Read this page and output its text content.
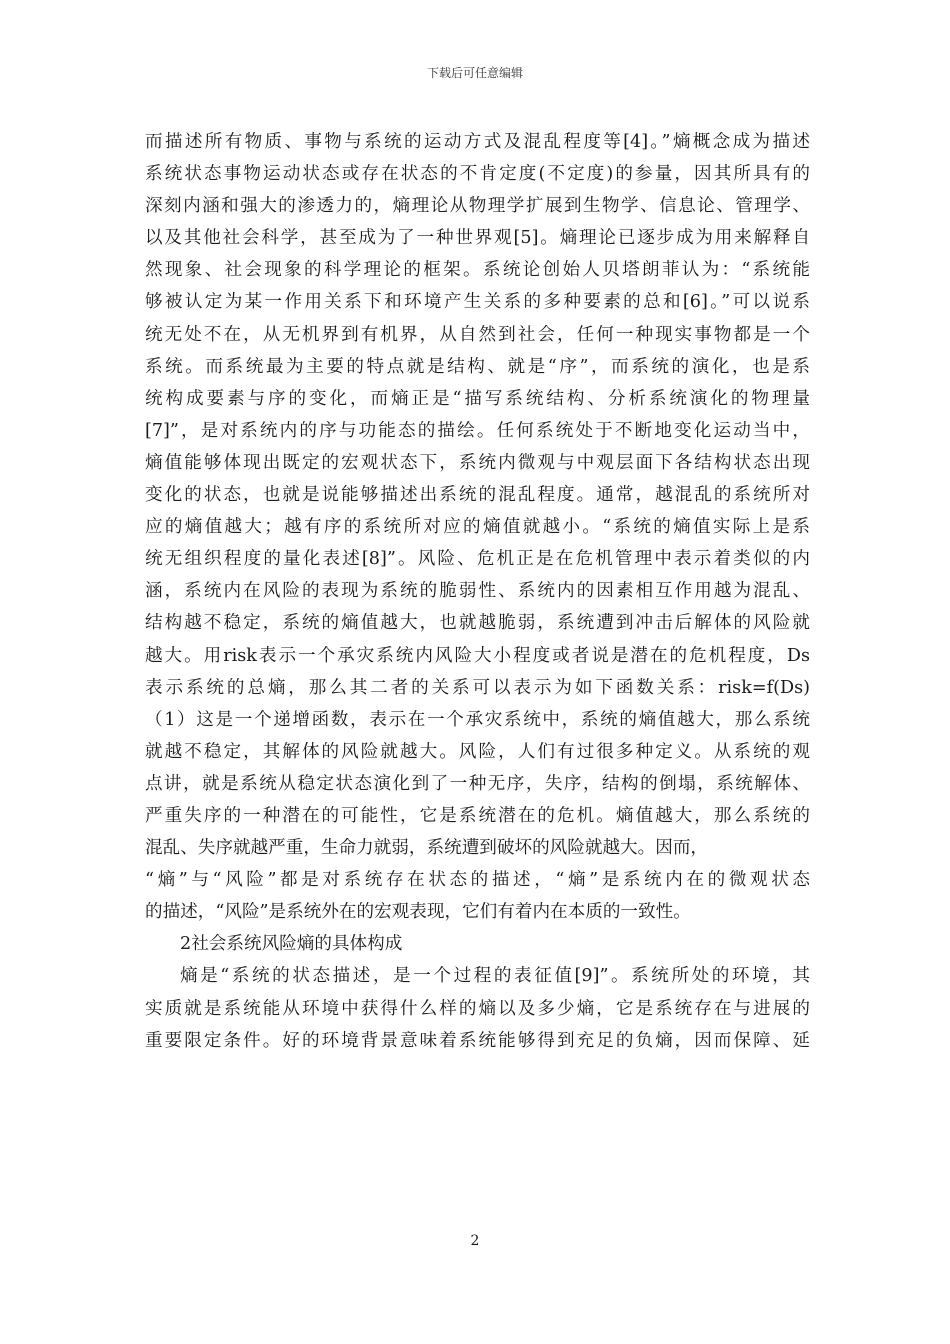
下载后可任意编辑
而描述所有物质、事物与系统的运动方式及混乱程度等[4]。”熵概念成为描述
系统状态事物运动状态或存在状态的不肯定度(不定度)的参量，因其所具有的
深刻内涵和强大的渗透力的，熵理论从物理学扩展到生物学、信息论、管理学、
以及其他社会科学，甚至成为了一种世界观[5]。熵理论已逐步成为用来解释自
然现象、社会现象的科学理论的框架。系统论创始人贝塔朗菲认为：“系统能
够被认定为某一作用关系下和环境产生关系的多种要素的总和[6]。”可以说系
统无处不在，从无机界到有机界，从自然到社会，任何一种现实事物都是一个
系统。而系统最为主要的特点就是结构、就是“序”，而系统的演化，也是系
统构成要素与序的变化，而熵正是“描写系统结构、分析系统演化的物理量
[7]”，是对系统内的序与功能态的描绘。任何系统处于不断地变化运动当中，
熵值能够体现出既定的宏观状态下，系统内微观与中观层面下各结构状态出现
变化的状态，也就是说能够描述出系统的混乱程度。通常，越混乱的系统所对
应的熵值越大；越有序的系统所对应的熵值就越小。“系统的熵值实际上是系
统无组织程度的量化表述[8]”。风险、危机正是在危机管理中表示着类似的内
涵，系统内在风险的表现为系统的脆弱性、系统内的因素相互作用越为混乱、
结构越不稳定，系统的熵值越大，也就越脆弱，系统遭到冲击后解体的风险就
越大。用risk表示一个承灾系统内风险大小程度或者说是潜在的危机程度，Ds
表示系统的总熵，那么其二者的关系可以表示为如下函数关系：risk=f(Ds)
（1）这是一个递增函数，表示在一个承灾系统中，系统的熵值越大，那么系统
就越不稳定，其解体的风险就越大。风险，人们有过很多种定义。从系统的观
点讲，就是系统从稳定状态演化到了一种无序，失序，结构的倒塌，系统解体、
严重失序的一种潜在的可能性，它是系统潜在的危机。熵值越大，那么系统的
混乱、失序就越严重，生命力就弱，系统遭到破坏的风险就越大。因而，
“熵”与“风险”都是对系统存在状态的描述，“熵”是系统内在的微观状态
的描述，“风险”是系统外在的宏观表现，它们有着内在本质的一致性。
2社会系统风险熵的具体构成
熵是“系统的状态描述，是一个过程的表征值[9]”。系统所处的环境，其
实质就是系统能从环境中获得什么样的熵以及多少熵，它是系统存在与进展的
重要限定条件。好的环境背景意味着系统能够得到充足的负熵，因而保障、延
2
